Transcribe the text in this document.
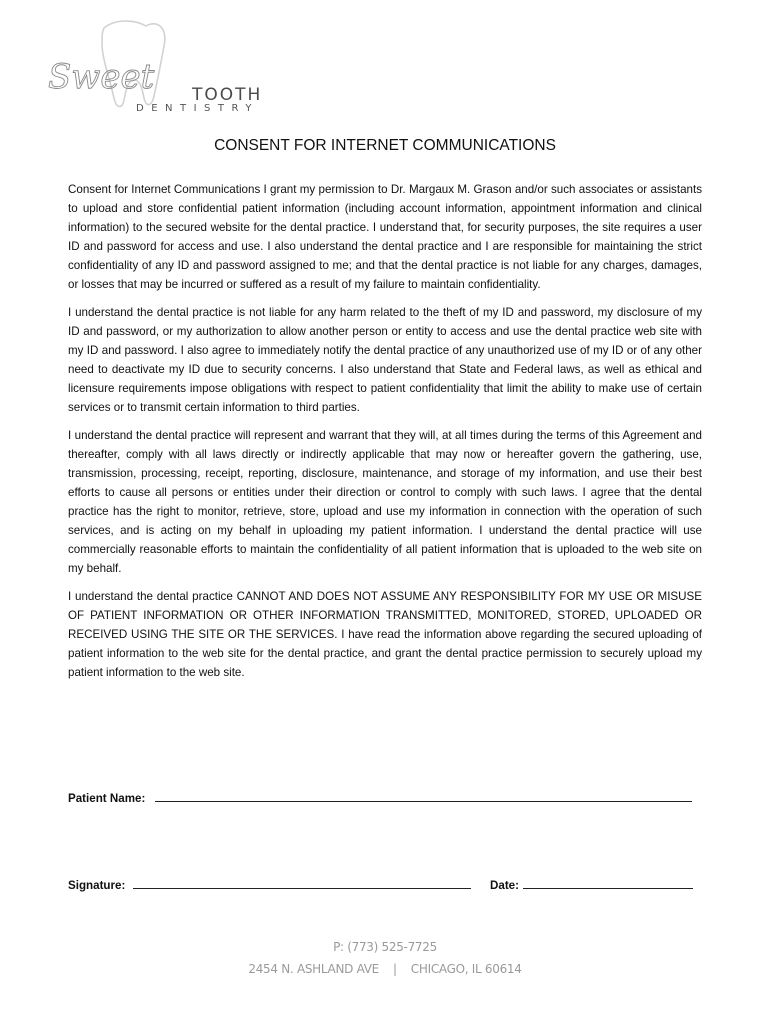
Sweet TOOTH
DENTISTRY
CONSENT FOR INTERNET COMMUNICATIONS

Consent for Internet Communications I grant my permission to Dr. Margaux M. Grason and/or such associates or assistants to upload and store confidential patient information (including account information, appointment information and clinical information) to the secured website for the dental practice. I understand that, for security purposes, the site requires a user ID and password for access and use. I also understand the dental practice and I are responsible for maintaining the strict confidentiality of any ID and password assigned to me; and that the dental practice is not liable for any charges, damages, or losses that may be incurred or suffered as a result of my failure to maintain confidentiality.

I understand the dental practice is not liable for any harm related to the theft of my ID and password, my disclosure of my ID and password, or my authorization to allow another person or entity to access and use the dental practice web site with my ID and password. I also agree to immediately notify the dental practice of any unauthorized use of my ID or of any other need to deactivate my ID due to security concerns. I also understand that State and Federal laws, as well as ethical and licensure requirements impose obligations with respect to patient confidentiality that limit the ability to make use of certain services or to transmit certain information to third parties.

I understand the dental practice will represent and warrant that they will, at all times during the terms of this Agreement and thereafter, comply with all laws directly or indirectly applicable that may now or hereafter govern the gathering, use, transmission, processing, receipt, reporting, disclosure, maintenance, and storage of my information, and use their best efforts to cause all persons or entities under their direction or control to comply with such laws. I agree that the dental practice has the right to monitor, retrieve, store, upload and use my information in connection with the operation of such services, and is acting on my behalf in uploading my patient information. I understand the dental practice will use commercially reasonable efforts to maintain the confidentiality of all patient information that is uploaded to the web site on my behalf.

I understand the dental practice CANNOT AND DOES NOT ASSUME ANY RESPONSIBILITY FOR MY USE OR MISUSE OF PATIENT INFORMATION OR OTHER INFORMATION TRANSMITTED, MONITORED, STORED, UPLOADED OR RECEIVED USING THE SITE OR THE SERVICES. I have read the information above regarding the secured uploading of patient information to the web site for the dental practice, and grant the dental practice permission to securely upload my patient information to the web site.

Patient Name:
Signature:	Date:
P: (773) 525-7725
2454 N. ASHLAND AVE    |    CHICAGO, IL 60614
